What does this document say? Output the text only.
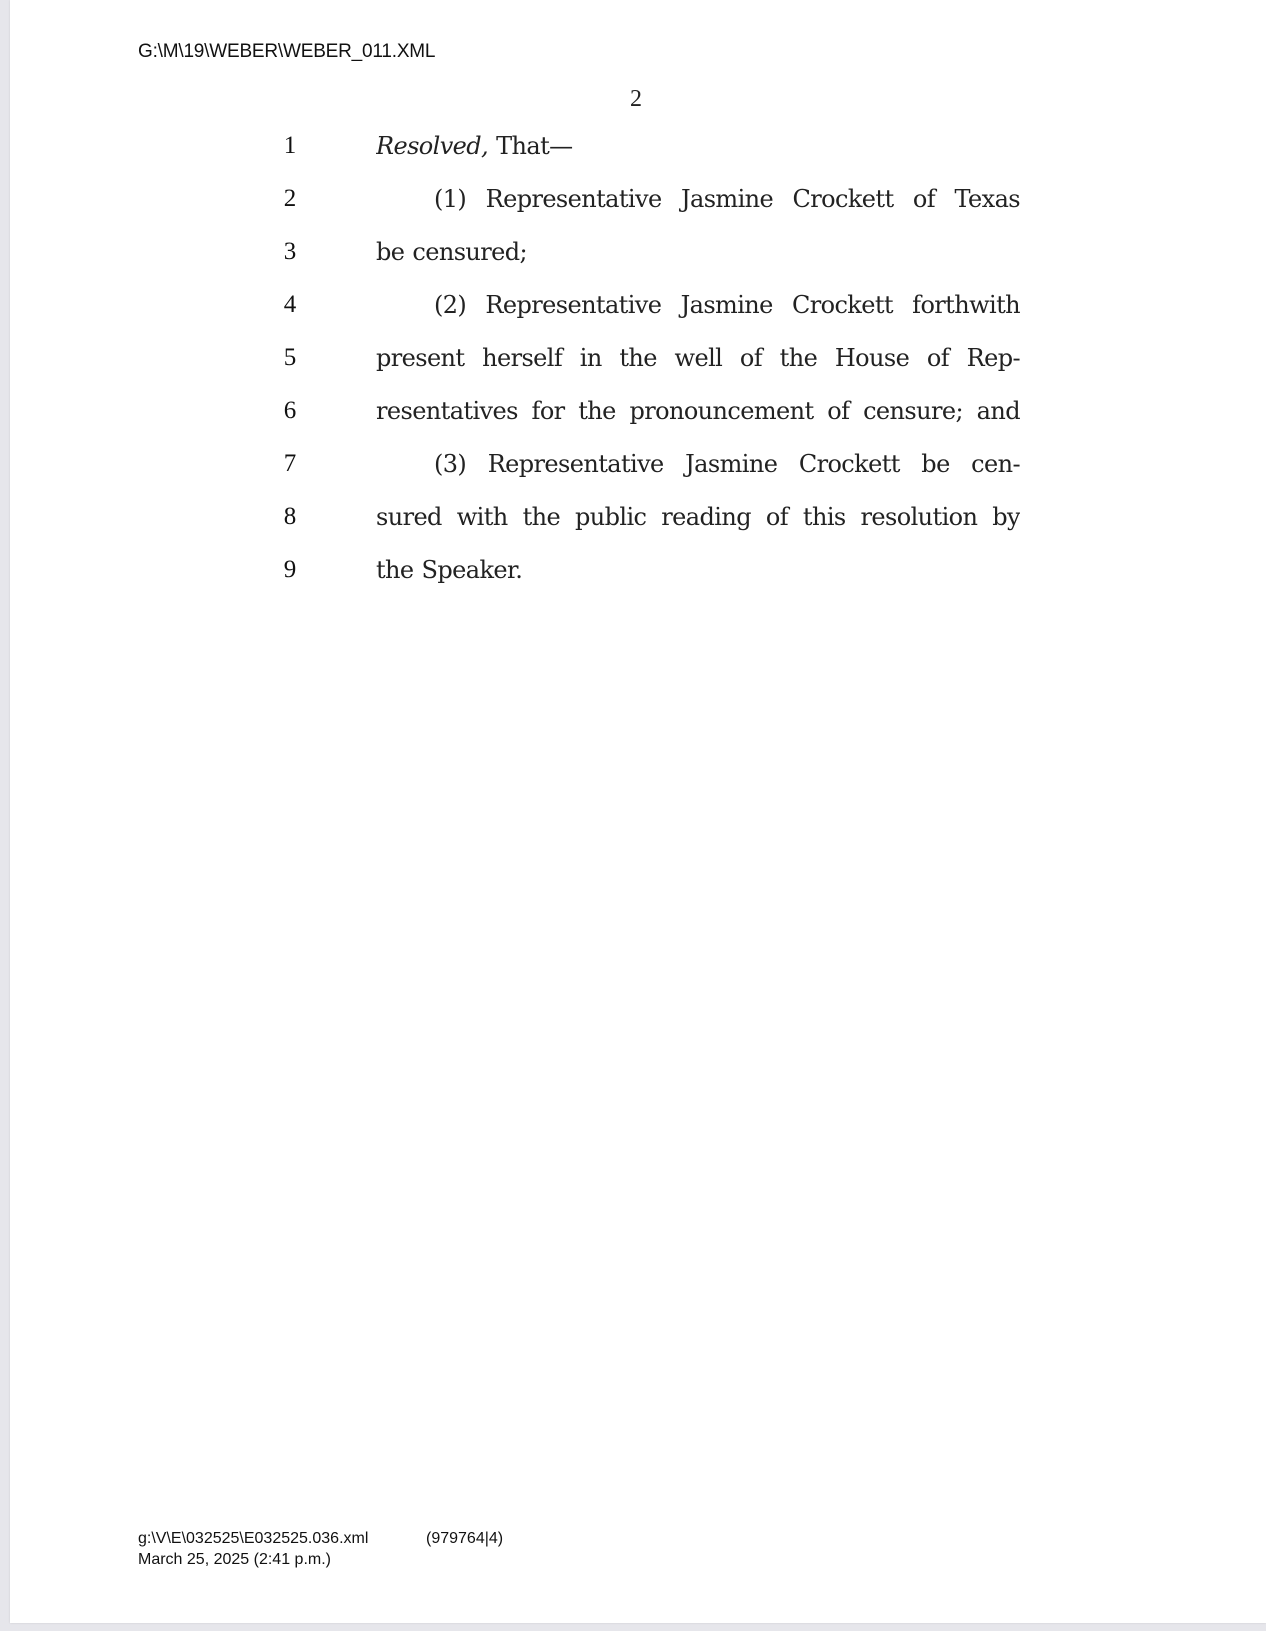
G:\M\19\WEBER\WEBER_011.XML
2
1	Resolved, That—
2	(1) Representative Jasmine Crockett of Texas
3	be censured;
4	(2) Representative Jasmine Crockett forthwith
5	present herself in the well of the House of Rep-
6	resentatives for the pronouncement of censure; and
7	(3) Representative Jasmine Crockett be cen-
8	sured with the public reading of this resolution by
9	the Speaker.
g:\V\E\032525\E032525.036.xml
March 25, 2025 (2:41 p.m.)
(979764|4)
